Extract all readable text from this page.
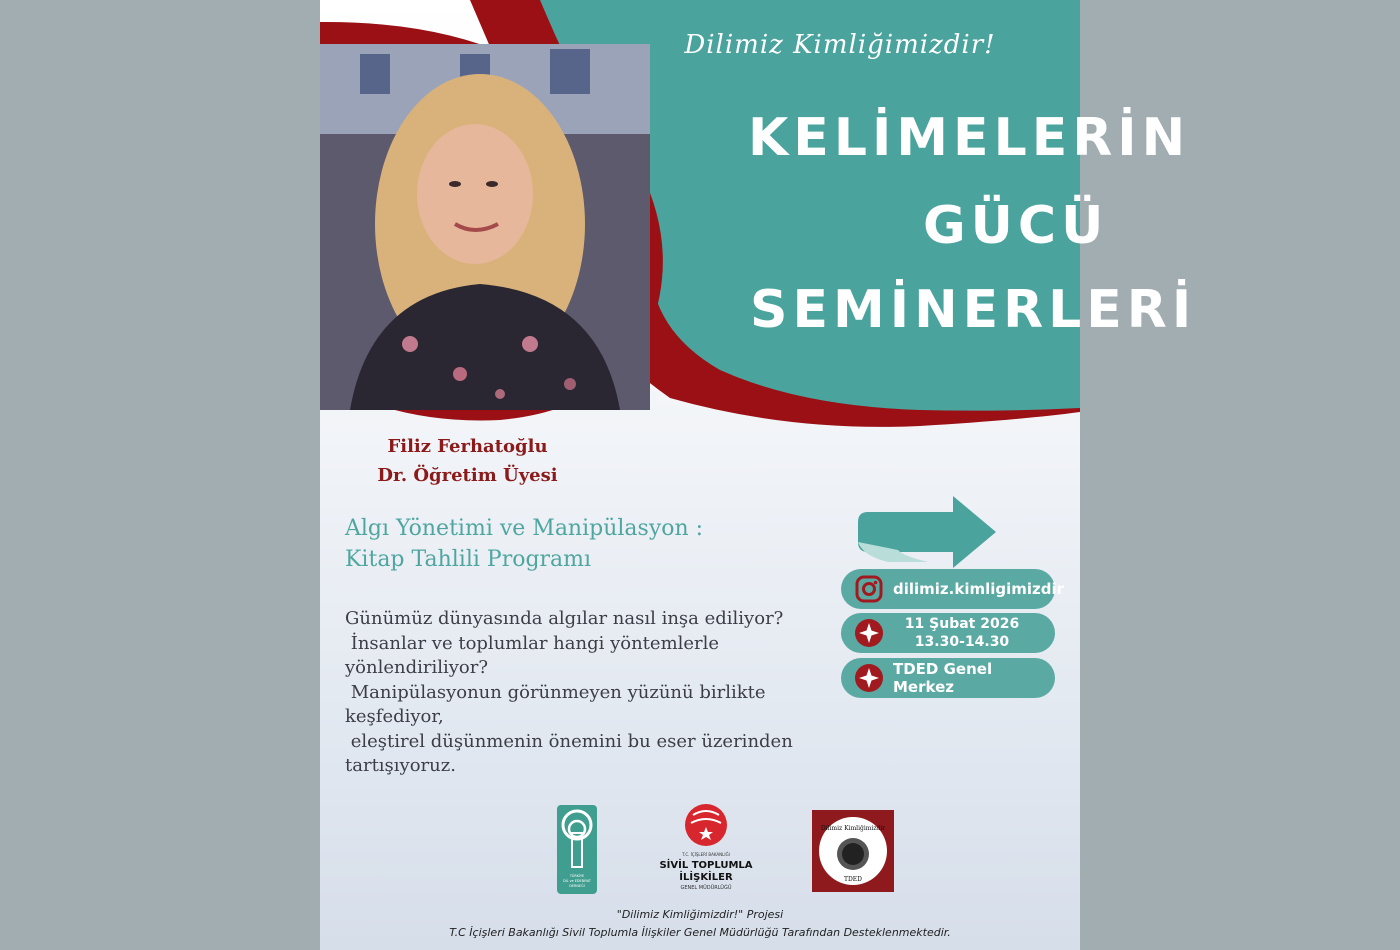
Dilimiz Kimliğimizdir!
KELİMELERİN
GÜCÜ
SEMİNERLERİ
Filiz Ferhatoğlu
Dr. Öğretim Üyesi
Algı Yönetimi ve Manipülasyon :
Kitap Tahlili Programı
Günümüz dünyasında algılar nasıl inşa ediliyor?
İnsanlar ve toplumlar hangi yöntemlerle
yönlendiriliyor?
Manipülasyonun görünmeyen yüzünü birlikte
keşfediyor,
eleştirel düşünmenin önemini bu eser üzerinden
tartışıyoruz.
dilimiz.kimligimizdir
11 Şubat 2026
13.30-14.30
TDED Genel Merkez
TÜRKİYE
DİL ve EDEBİYAT
DERNEĞİ
T.C. İÇİŞLERİ BAKANLIĞI
SİVİL TOPLUMLA
İLİŞKİLER
GENEL MÜDÜRLÜĞÜ
Dilimiz Kimliğimizdir
TDED
"Dilimiz Kimliğimizdir!" Projesi
T.C İçişleri Bakanlığı Sivil Toplumla İlişkiler Genel Müdürlüğü Tarafından Desteklenmektedir.
